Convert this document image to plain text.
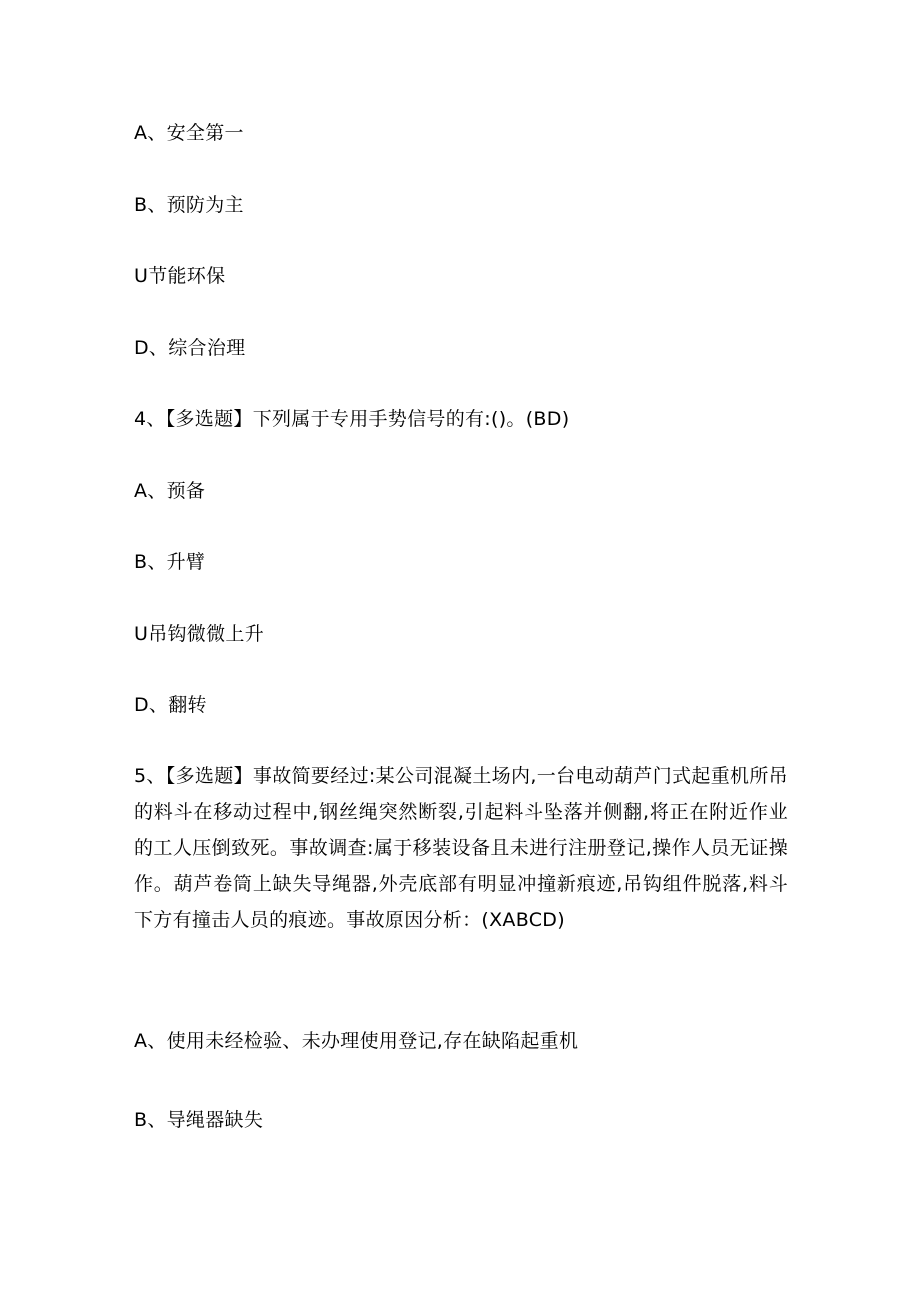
A、安全第一
B、预防为主
U节能环保
D、综合治理
4、【多选题】下列属于专用手势信号的有:()。(BD)
A、预备
B、升臂
U吊钩微微上升
D、翻转
5、【多选题】事故简要经过:某公司混凝土场内,一台电动葫芦门式起重机所吊的料斗在移动过程中,钢丝绳突然断裂,引起料斗坠落并侧翻,将正在附近作业的工人压倒致死。事故调查:属于移装设备且未进行注册登记,操作人员无证操作。葫芦卷筒上缺失导绳器,外壳底部有明显冲撞新痕迹,吊钩组件脱落,料斗下方有撞击人员的痕迹。事故原因分析：(XABCD)
A、使用未经检验、未办理使用登记,存在缺陷起重机
B、导绳器缺失
